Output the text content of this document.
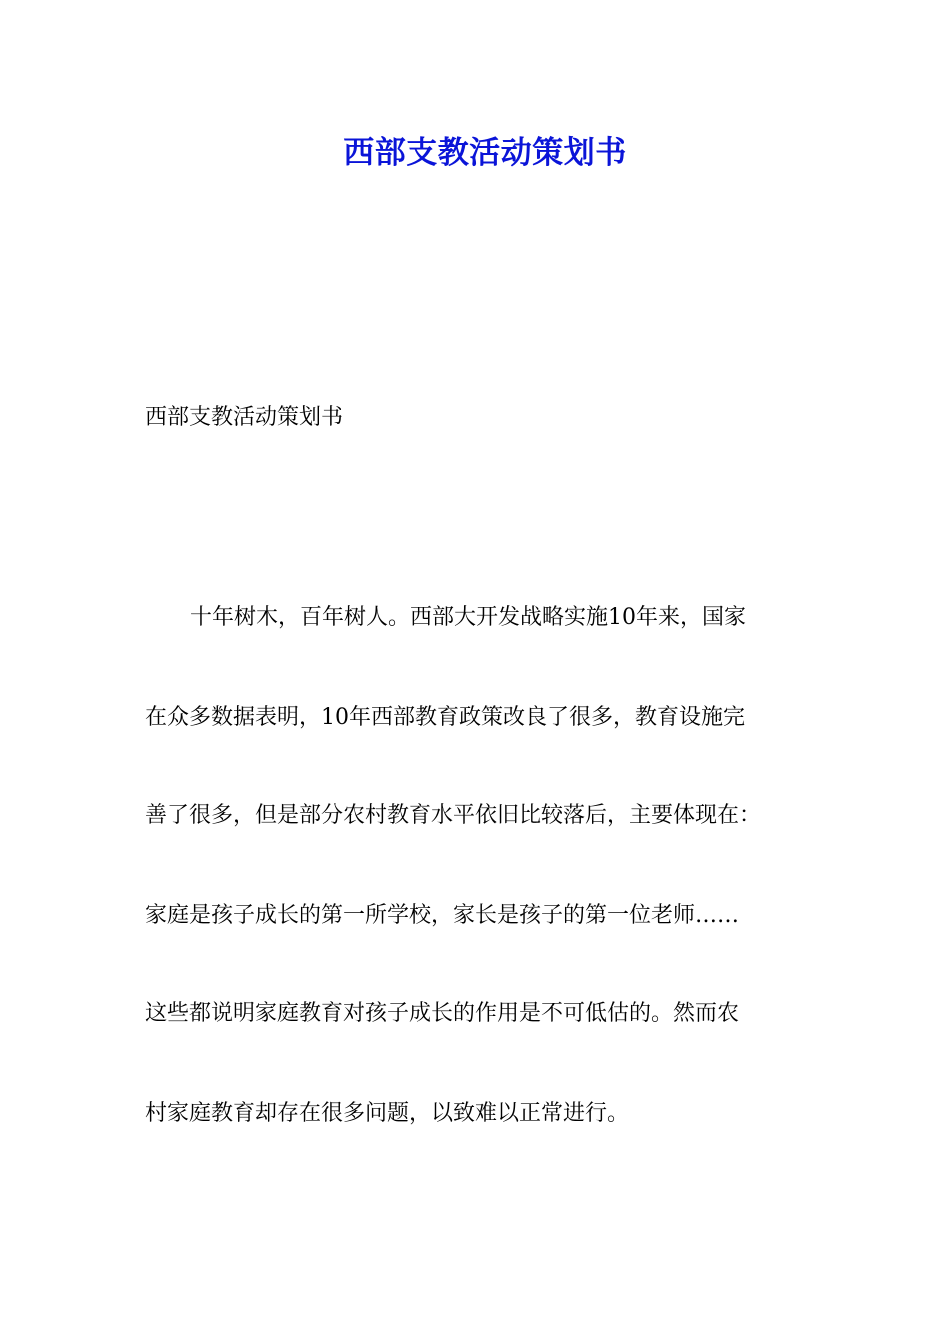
西部支教活动策划书
西部支教活动策划书
十年树木，百年树人。西部大开发战略实施10年来，国家
在众多数据表明，10年西部教育政策改良了很多，教育设施完
善了很多，但是部分农村教育水平依旧比较落后，主要体现在：
家庭是孩子成长的第一所学校，家长是孩子的第一位老师……
这些都说明家庭教育对孩子成长的作用是不可低估的。然而农
村家庭教育却存在很多问题，以致难以正常进行。
